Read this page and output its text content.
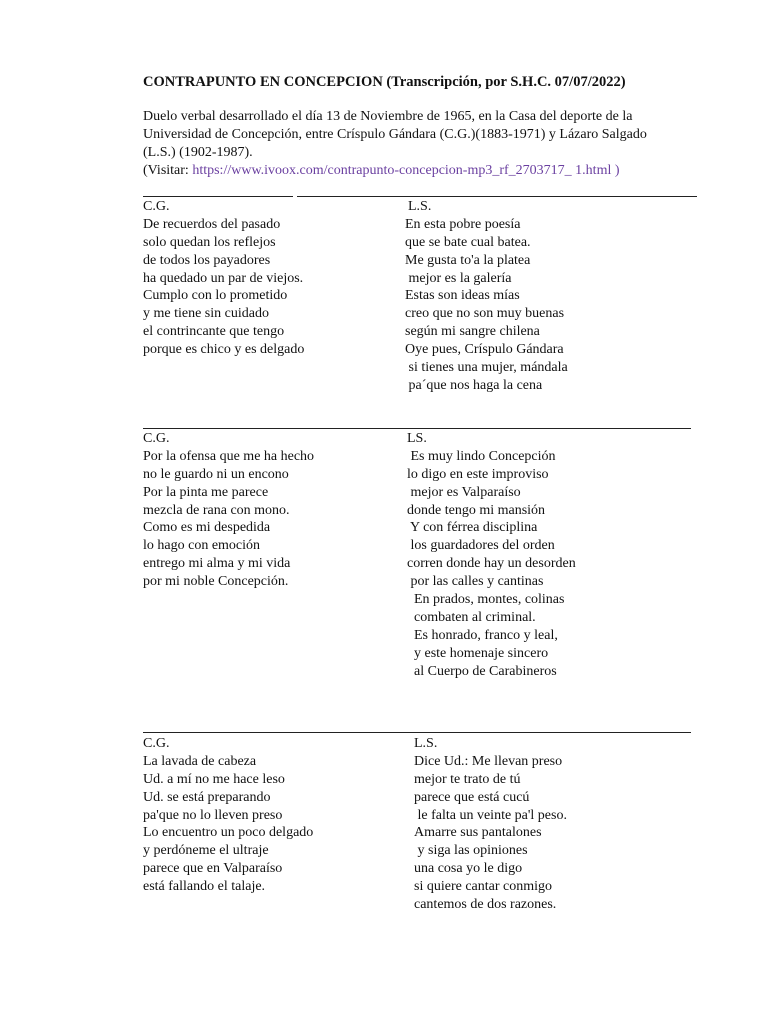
CONTRAPUNTO EN CONCEPCION (Transcripción, por S.H.C. 07/07/2022)
Duelo verbal desarrollado el día 13 de Noviembre de 1965, en la Casa del deporte de la
Universidad de Concepción, entre Críspulo Gándara (C.G.)(1883-1971) y Lázaro Salgado
(L.S.) (1902-1987).
(Visitar: https://www.ivoox.com/contrapunto-concepcion-mp3_rf_2703717_ 1.html )
C.G.
De recuerdos del pasado
solo quedan los reflejos
de todos los payadores
ha quedado un par de viejos.
Cumplo con lo prometido
y me tiene sin cuidado
el contrincante que tengo
porque es chico y es delgado
L.S.
En esta pobre poesía
que se bate cual batea.
Me gusta to'a la platea
mejor es la galería
Estas son ideas mías
creo que no son muy buenas
según mi sangre chilena
Oye pues, Críspulo Gándara
si tienes una mujer, mándala
pa´que nos haga la cena
C.G.
Por la ofensa que me ha hecho
no le guardo ni un encono
Por la pinta me parece
mezcla de rana con mono.
Como es mi despedida
lo hago con emoción
entrego mi alma y mi vida
por mi noble Concepción.
LS.
Es muy lindo Concepción
lo digo en este improviso
mejor es Valparaíso
donde tengo mi mansión
Y con férrea disciplina
los guardadores del orden
corren donde hay un desorden
por las calles y cantinas
En prados, montes, colinas
combaten al criminal.
Es honrado, franco y leal,
y este homenaje sincero
al Cuerpo de Carabineros
C.G.
La lavada de cabeza
Ud. a mí no me hace leso
Ud. se está preparando
pa'que no lo lleven preso
Lo encuentro un poco delgado
y perdóneme el ultraje
parece que en Valparaíso
está fallando el talaje.
L.S.
Dice Ud.: Me llevan preso
mejor te trato de tú
parece que está cucú
le falta un veinte pa'l peso.
Amarre sus pantalones
y siga las opiniones
una cosa yo le digo
si quiere cantar conmigo
cantemos de dos razones.
